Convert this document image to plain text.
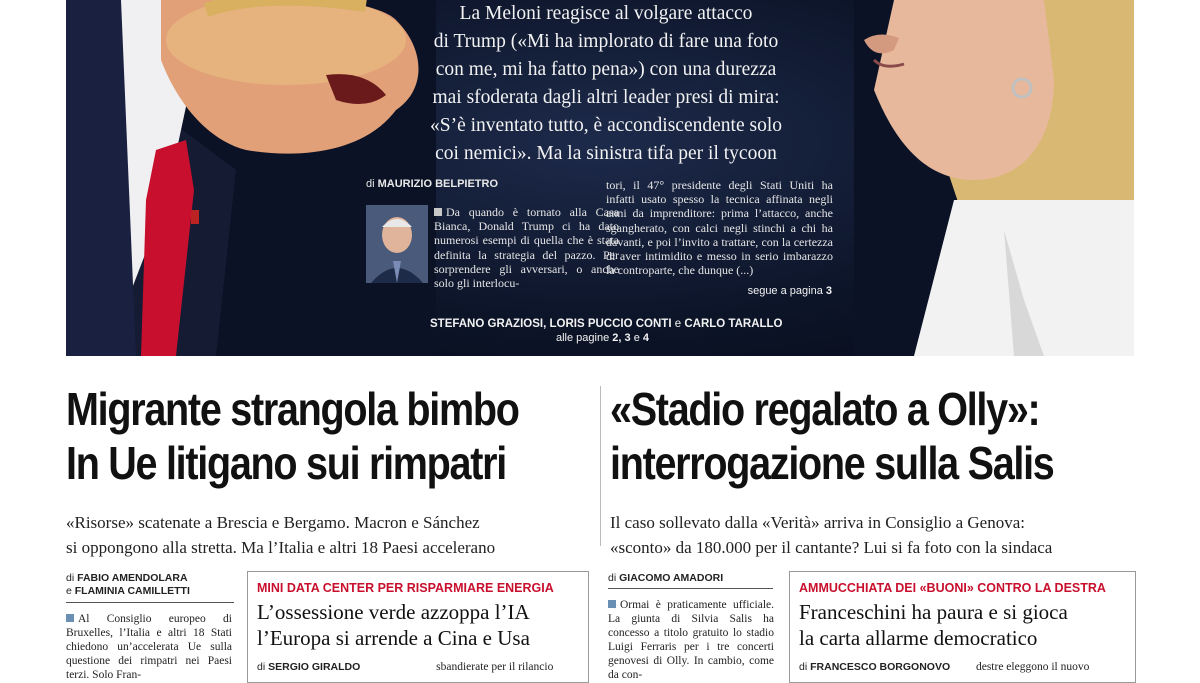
La Meloni reagisce al volgare attacco
di Trump («Mi ha implorato di fare una foto
con me, mi ha fatto pena») con una durezza
mai sfoderata dagli altri leader presi di mira:
«S’è inventato tutto, è accondiscendente solo
coi nemici». Ma la sinistra tifa per il tycoon
di MAURIZIO BELPIETRO
Da quando è tornato alla Casa Bianca, Donald Trump ci ha dato numerosi esempi di quella che è stata definita la strategia del pazzo. Per sorprendere gli avversari, o anche solo gli interlocu-
tori, il 47° presidente degli Stati Uniti ha infatti usato spesso la tecnica affinata negli anni da imprenditore: prima l’attacco, anche sgangherato, con calci negli stinchi a chi ha davanti, e poi l’invito a trattare, con la certezza di aver intimidito e messo in serio imbarazzo la controparte, che dunque (...)
segue a pagina 3
STEFANO GRAZIOSI, LORIS PUCCIO CONTI e CARLO TARALLO
alle pagine 2, 3 e 4
Migrante strangola bimbo
In Ue litigano sui rimpatri
«Risorse» scatenate a Brescia e Bergamo. Macron e Sánchez
si oppongono alla stretta. Ma l’Italia e altri 18 Paesi accelerano
«Stadio regalato a Olly»:
interrogazione sulla Salis
Il caso sollevato dalla «Verità» arriva in Consiglio a Genova:
«sconto» da 180.000 per il cantante? Lui si fa foto con la sindaca
di FABIO AMENDOLARA
e FLAMINIA CAMILLETTI
Al Consiglio europeo di Bruxelles, l’Italia e altri 18 Stati chiedono un’accelerata Ue sulla questione dei rimpatri nei Paesi terzi. Solo Fran-
MINI DATA CENTER PER RISPARMIARE ENERGIA
L’ossessione verde azzoppa l’IA
l’Europa si arrende a Cina e Usa
di SERGIO GIRALDO	sbandierate per il rilancio
di GIACOMO AMADORI
Ormai è praticamente ufficiale. La giunta di Silvia Salis ha concesso a titolo gratuito lo stadio Luigi Ferraris per i tre concerti genovesi di Olly. In cambio, come da con-
AMMUCCHIATA DEI «BUONI» CONTRO LA DESTRA
Franceschini ha paura e si gioca
la carta allarme democratico
di FRANCESCO BORGONOVO destre eleggono il nuovo
